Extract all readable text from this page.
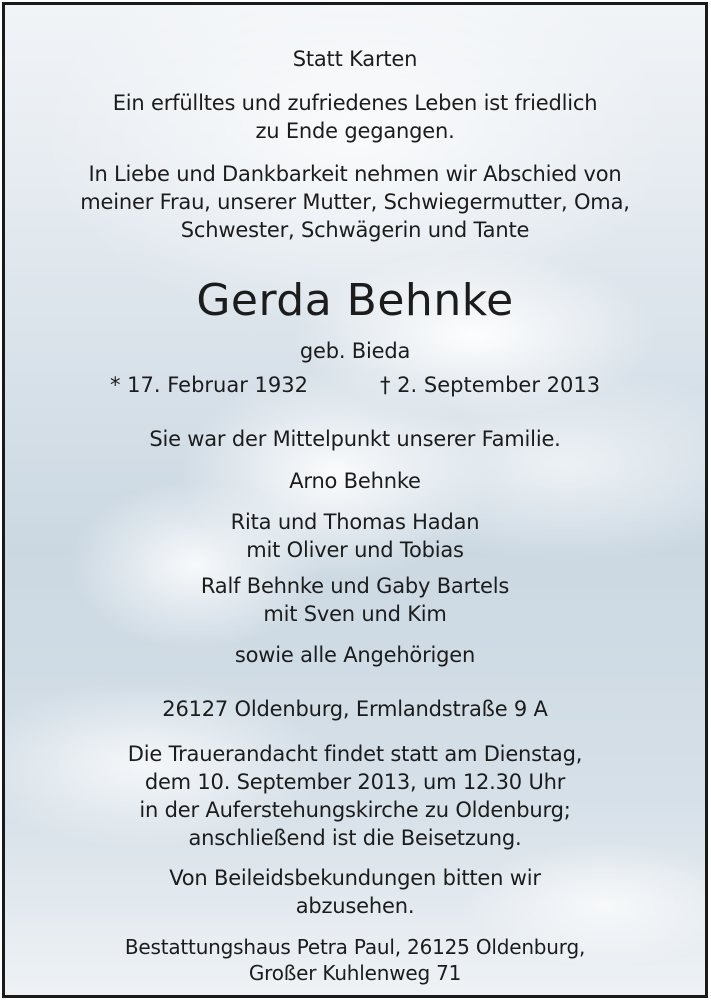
Statt Karten
Ein erfülltes und zufriedenes Leben ist friedlich
zu Ende gegangen.
In Liebe und Dankbarkeit nehmen wir Abschied von
meiner Frau, unserer Mutter, Schwiegermutter, Oma,
Schwester, Schwägerin und Tante
Gerda Behnke
geb. Bieda
* 17. Februar 1932	† 2. September 2013
Sie war der Mittelpunkt unserer Familie.
Arno Behnke
Rita und Thomas Hadan
mit Oliver und Tobias
Ralf Behnke und Gaby Bartels
mit Sven und Kim
sowie alle Angehörigen
26127 Oldenburg, Ermlandstraße 9 A
Die Trauerandacht findet statt am Dienstag,
dem 10. September 2013, um 12.30 Uhr
in der Auferstehungskirche zu Oldenburg;
anschließend ist die Beisetzung.
Von Beileidsbekundungen bitten wir
abzusehen.
Bestattungshaus Petra Paul, 26125 Oldenburg,
Großer Kuhlenweg 71
